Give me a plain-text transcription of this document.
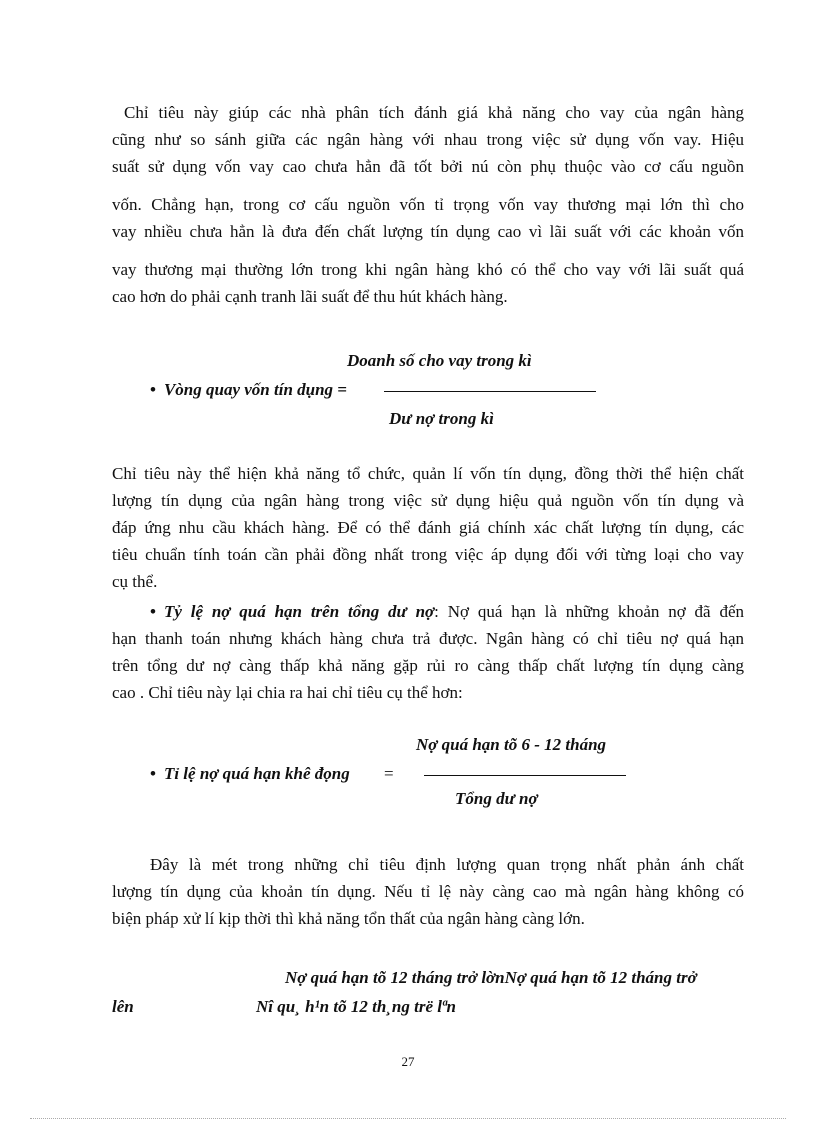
Chỉ tiêu này giúp các nhà phân tích đánh giá khả năng cho vay của ngân hàng
cũng như so sánh giữa các ngân hàng với nhau trong việc sử dụng vốn vay. Hiệu
suất sử dụng vốn vay cao chưa hẳn đã tốt bởi nú còn phụ thuộc vào cơ cấu nguồn
vốn. Chẳng hạn, trong cơ cấu nguồn vốn tỉ trọng vốn vay thương mại lớn thì cho
vay nhiều chưa hẳn là đưa đến chất lượng tín dụng cao vì lãi suất với các khoản vốn
vay thương mại thường lớn trong khi ngân hàng khó có thể cho vay với lãi suất quá
cao hơn do phải cạnh tranh lãi suất để thu hút khách hàng.
Doanh số cho vay trong kì
• Vòng quay vốn tín dụng =
Dư nợ trong kì
Chỉ tiêu này thể hiện khả năng tổ chức, quản lí vốn tín dụng, đồng thời thể hiện chất
lượng tín dụng của ngân hàng trong việc sử dụng hiệu quả nguồn vốn tín dụng và
đáp ứng nhu cầu khách hàng. Để có thể đánh giá chính xác chất lượng tín dụng, các
tiêu chuẩn tính toán cần phải đồng nhất trong việc áp dụng đối với từng loại cho vay
cụ thể.
• Tỷ lệ nợ quá hạn trên tổng dư nợ: Nợ quá hạn là những khoản nợ đã đến
hạn thanh toán nhưng khách hàng chưa trả được. Ngân hàng có chỉ tiêu nợ quá hạn
trên tổng dư nợ càng thấp khả năng gặp rủi ro càng thấp chất lượng tín dụng càng
cao . Chỉ tiêu này lại chia ra hai chỉ tiêu cụ thể hơn:
Nợ quá hạn tõ 6 - 12 tháng
• Tỉ lệ nợ quá hạn khê đọng =
Tổng dư nợ
Đây là mét trong những chỉ tiêu định lượng quan trọng nhất phản ánh chất
lượng tín dụng của khoản tín dụng. Nếu tỉ lệ này càng cao mà ngân hàng không có
biện pháp xử lí kịp thời thì khả năng tổn thất của ngân hàng càng lớn.
Nợ quá hạn tõ 12 tháng trở lờnNợ quá hạn tõ 12 tháng trở
lên	Nî qu¸ h¹n tõ 12 th¸ng trë lªn
27
